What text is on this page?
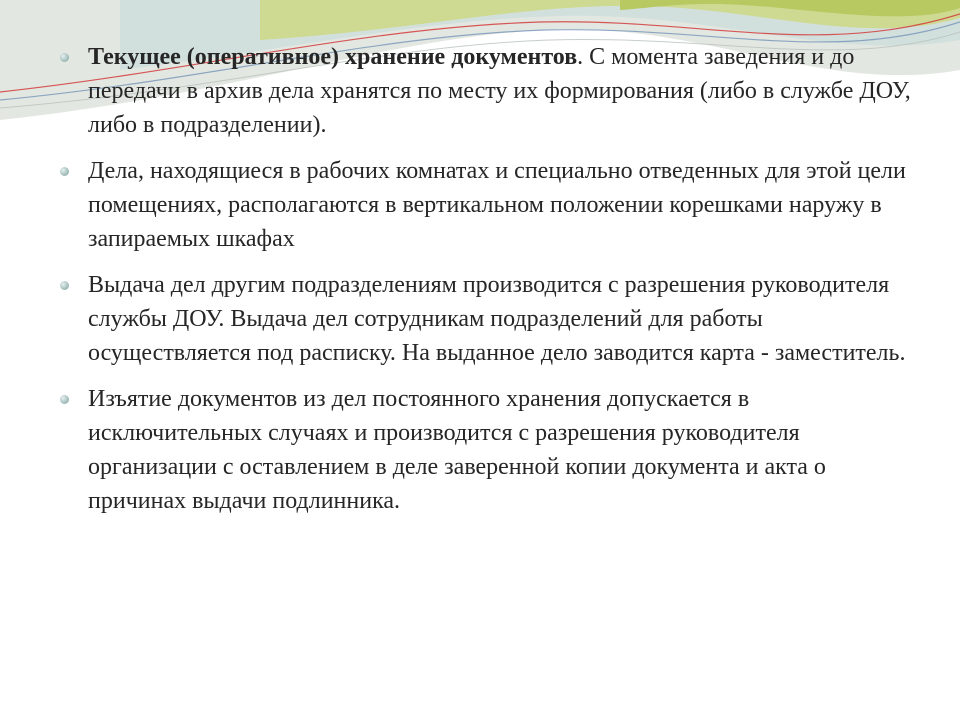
Текущее (оперативное) хранение документов. С момента заведения и до передачи в архив дела хранятся по месту их формирования (либо в службе ДОУ, либо в подразделении).
Дела, находящиеся в рабочих комнатах и специально отведенных для этой цели помещениях, располагаются в вертикальном положении корешками наружу в запираемых шкафах
Выдача дел другим подразделениям производится с разрешения руководителя службы ДОУ. Выдача дел сотрудникам подразделений для работы осуществляется под расписку. На выданное дело заводится карта - заместитель.
Изъятие документов из дел постоянного хранения допускается в исключительных случаях и производится с разрешения руководителя организации с оставлением в деле заверенной копии документа и акта о причинах выдачи подлинника.
